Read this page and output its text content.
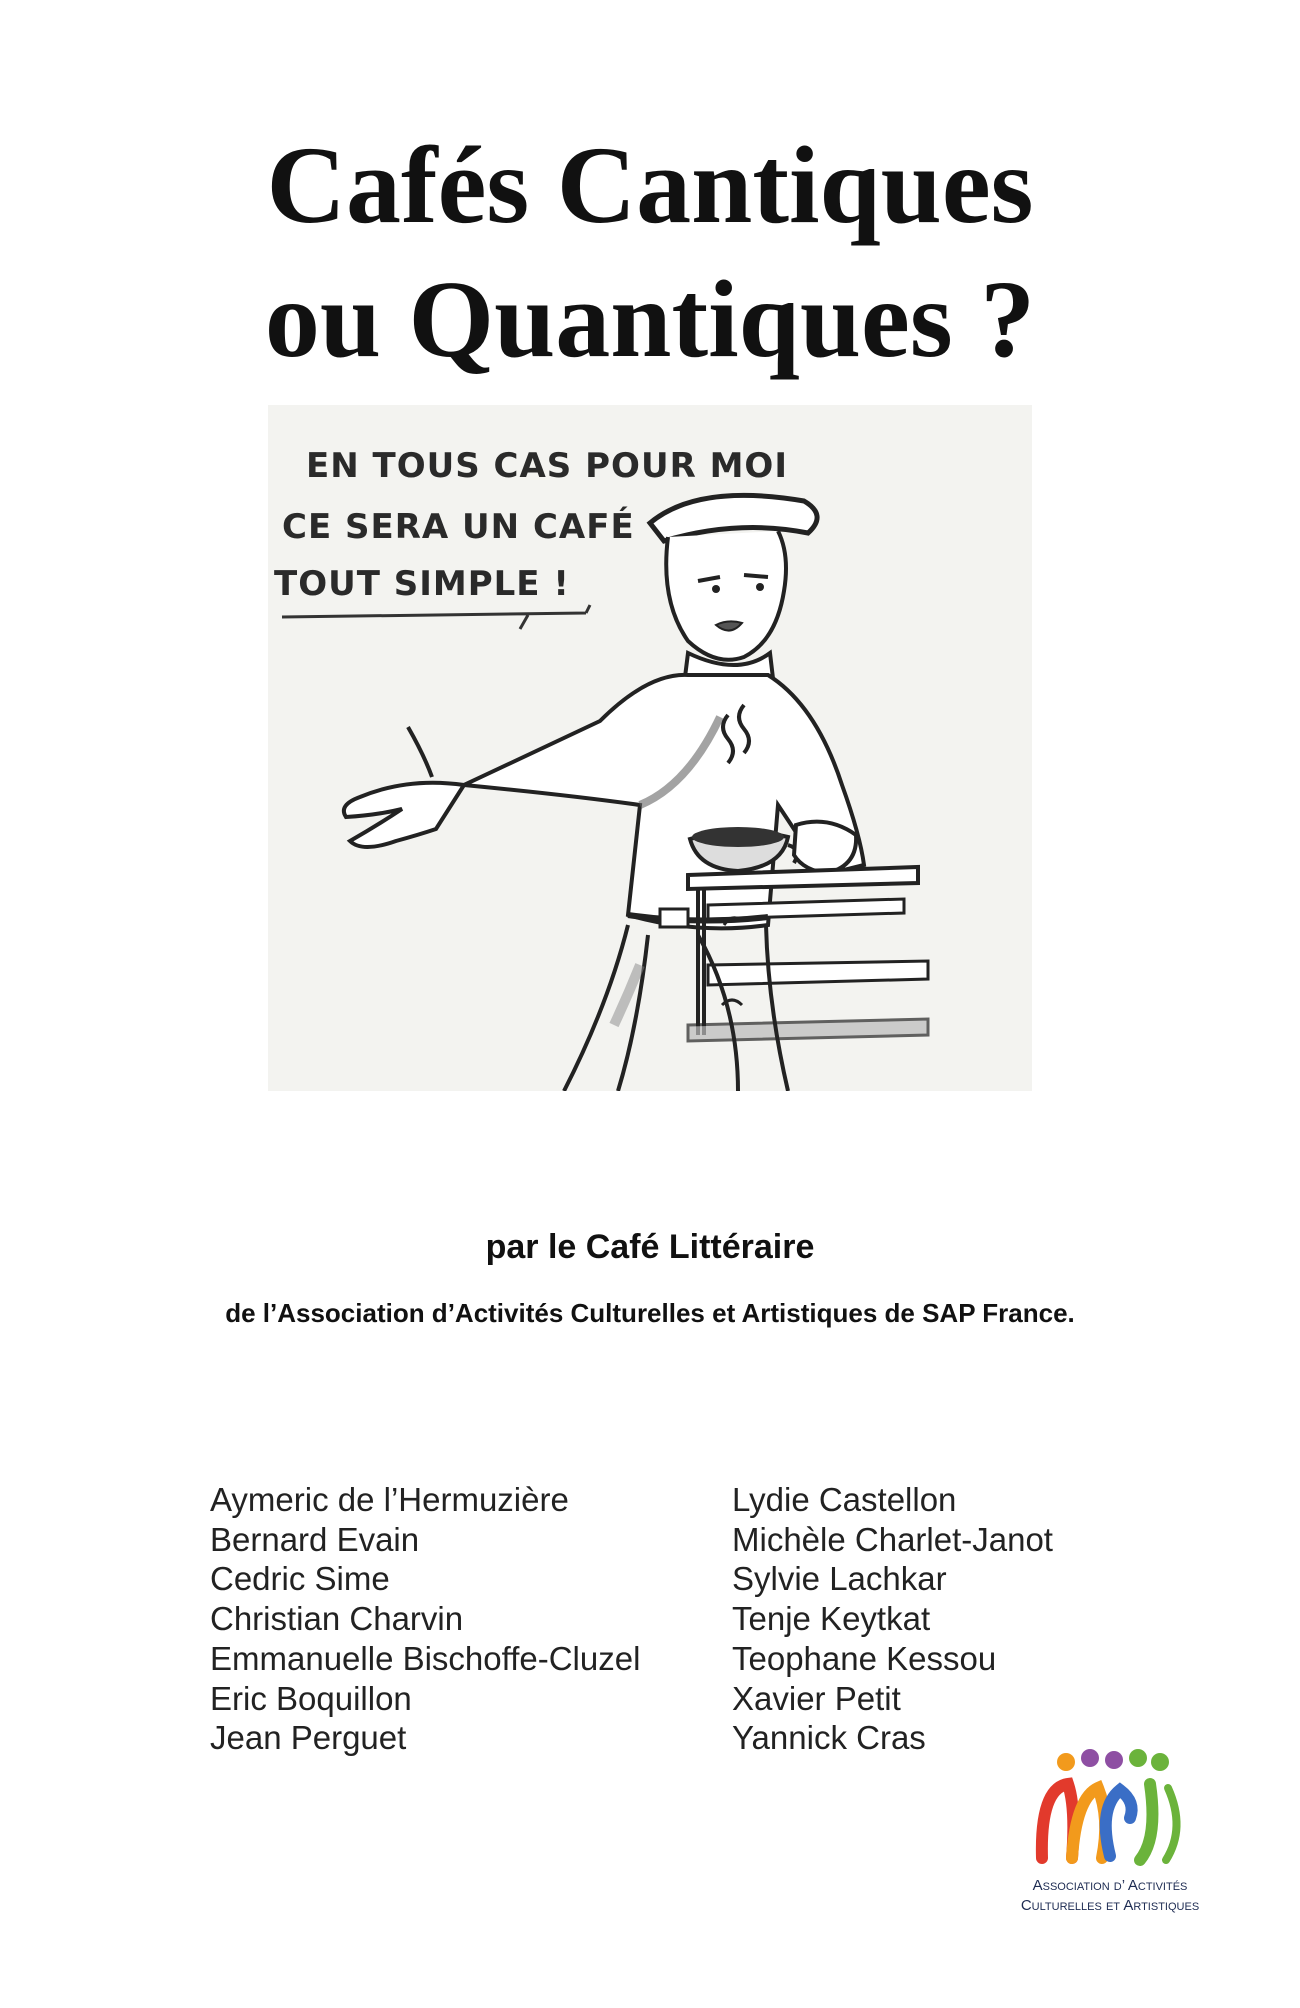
Cafés Cantiques
ou Quantiques ?
EN TOUS CAS POUR MOI
CE SERA UN CAFÉ
TOUT SIMPLE !
par le Café Littéraire
de l’Association d’Activités Culturelles et Artistiques de SAP France.
Aymeric de l’Hermuzière
Bernard Evain
Cedric Sime
Christian Charvin
Emmanuelle Bischoffe-Cluzel
Eric Boquillon
Jean Perguet
Lydie Castellon
Michèle Charlet-Janot
Sylvie Lachkar
Tenje Keytkat
Teophane Kessou
Xavier Petit
Yannick Cras
Association d’ Activités
Culturelles et Artistiques
